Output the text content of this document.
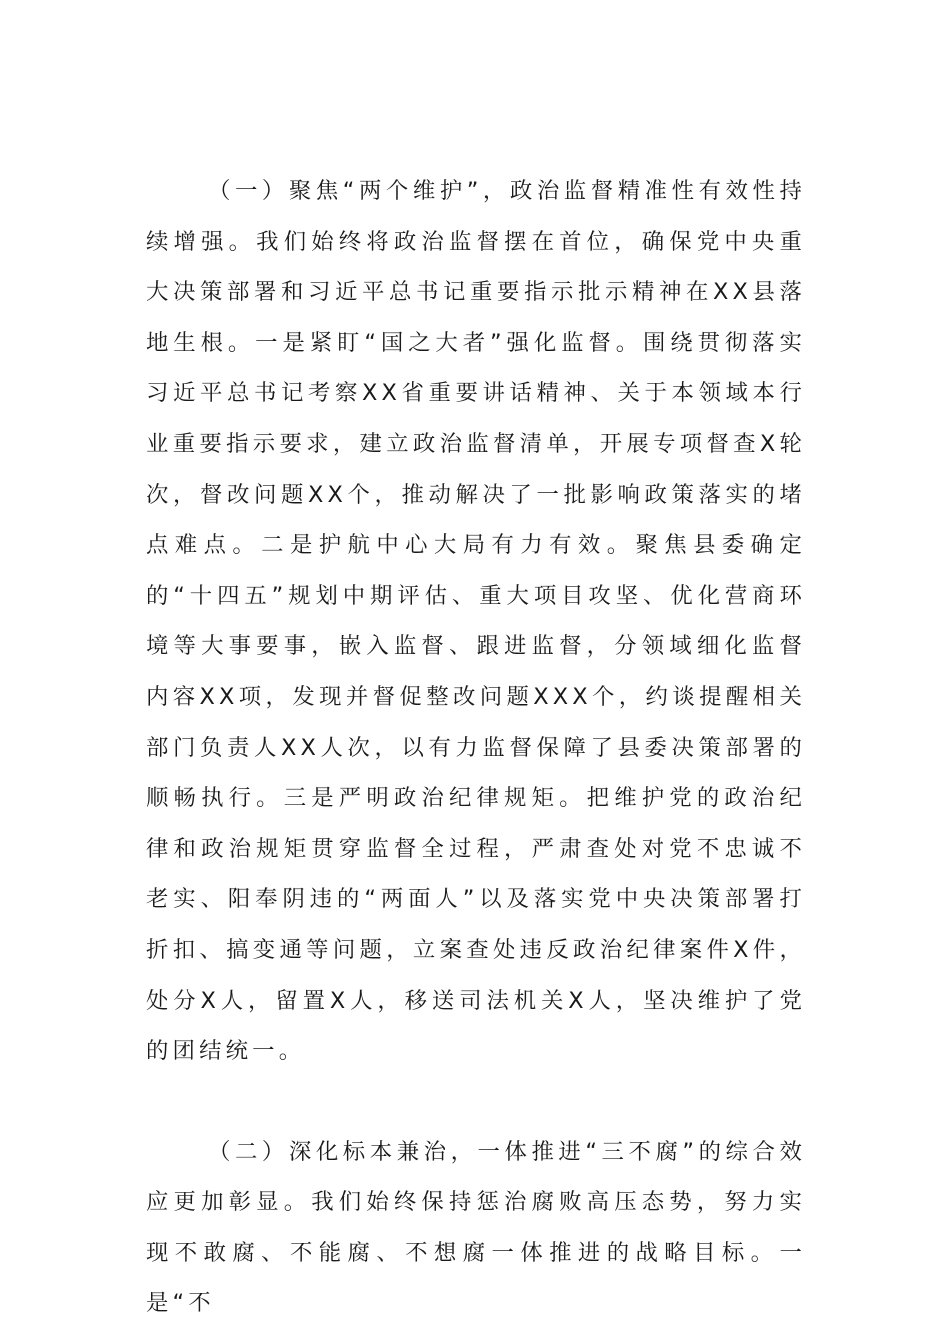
（一）聚焦“两个维护”，政治监督精准性有效性持续增强。我们始终将政治监督摆在首位，确保党中央重大决策部署和习近平总书记重要指示批示精神在XX县落地生根。一是紧盯“国之大者”强化监督。围绕贯彻落实习近平总书记考察XX省重要讲话精神、关于本领域本行业重要指示要求，建立政治监督清单，开展专项督查X轮次，督改问题XX个，推动解决了一批影响政策落实的堵点难点。二是护航中心大局有力有效。聚焦县委确定的“十四五”规划中期评估、重大项目攻坚、优化营商环境等大事要事，嵌入监督、跟进监督，分领域细化监督内容XX项，发现并督促整改问题XXX个，约谈提醒相关部门负责人XX人次，以有力监督保障了县委决策部署的顺畅执行。三是严明政治纪律规矩。把维护党的政治纪律和政治规矩贯穿监督全过程，严肃查处对党不忠诚不老实、阳奉阴违的“两面人”以及落实党中央决策部署打折扣、搞变通等问题，立案查处违反政治纪律案件X件，处分X人，留置X人，移送司法机关X人，坚决维护了党的团结统一。

（二）深化标本兼治，一体推进“三不腐”的综合效应更加彰显。我们始终保持惩治腐败高压态势，努力实现不敢腐、不能腐、不想腐一体推进的战略目标。一是“不
